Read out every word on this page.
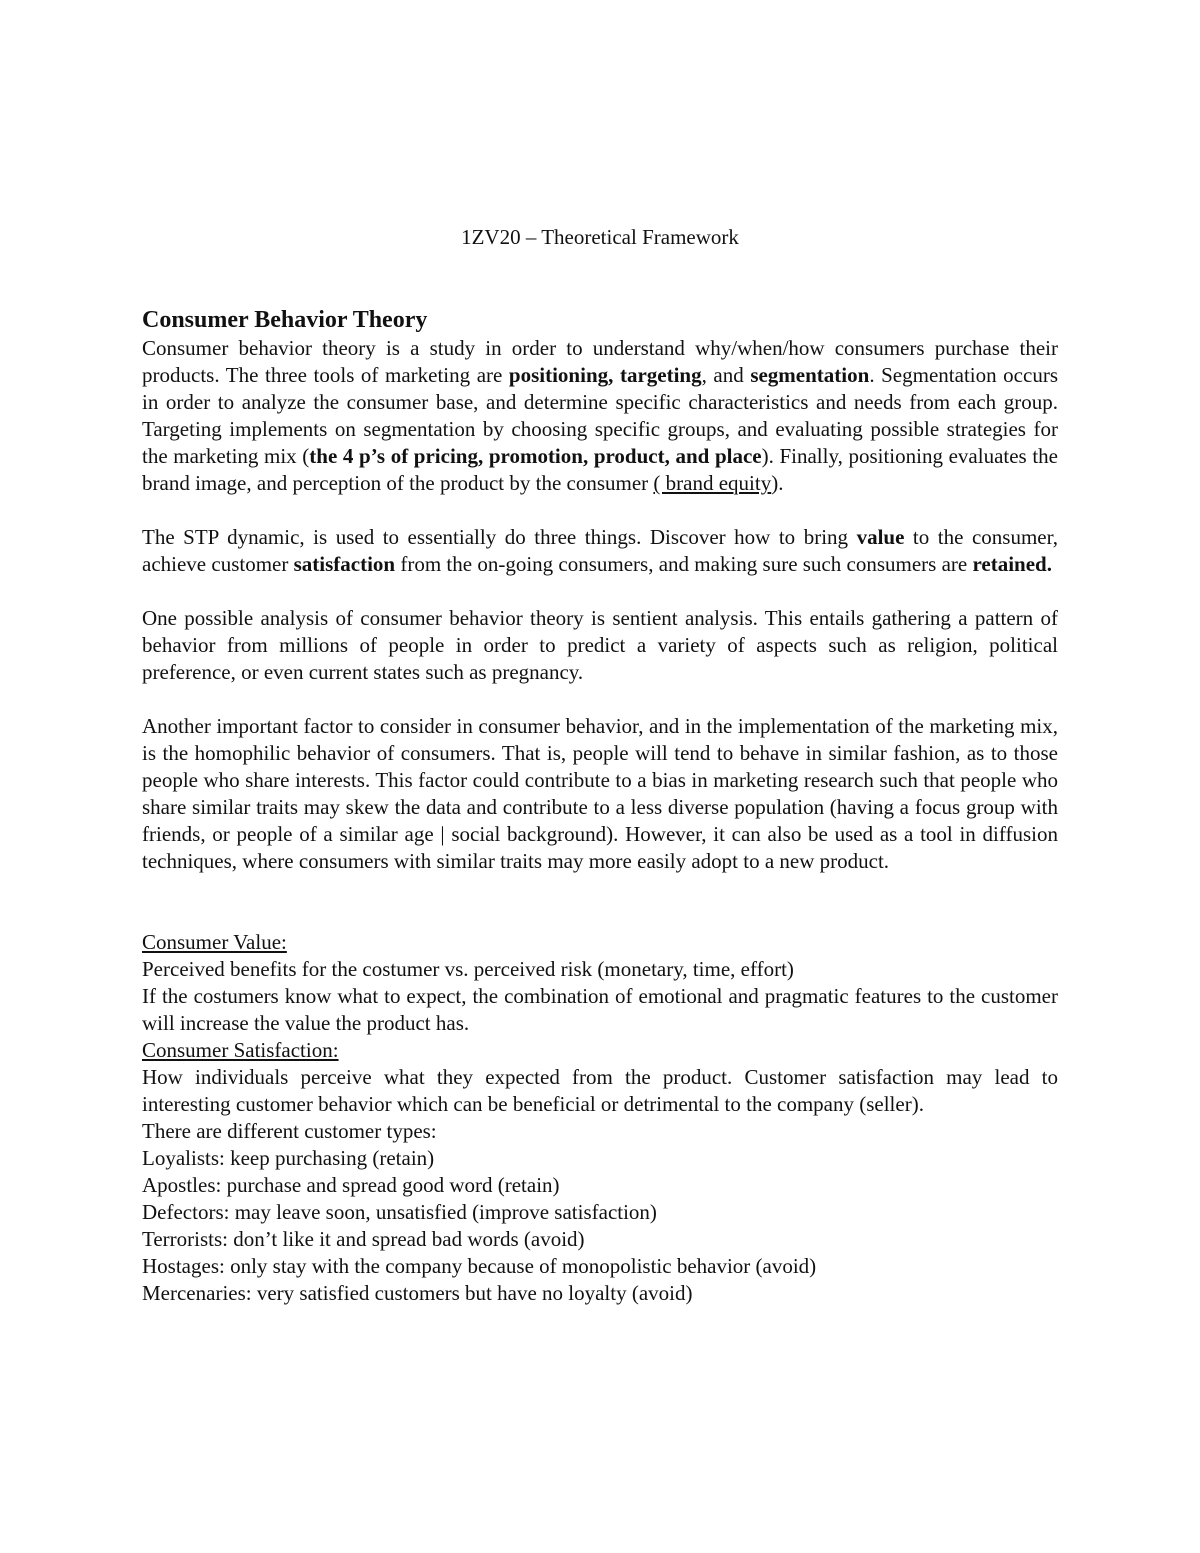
1ZV20 – Theoretical Framework

Consumer Behavior Theory

Consumer behavior theory is a study in order to understand why/when/how consumers purchase their products. The three tools of marketing are positioning, targeting, and segmentation. Segmentation occurs in order to analyze the consumer base, and determine specific characteristics and needs from each group. Targeting implements on segmentation by choosing specific groups, and evaluating possible strategies for the marketing mix (the 4 p’s of pricing, promotion, product, and place). Finally, positioning evaluates the brand image, and perception of the product by the consumer ( brand equity).

The STP dynamic, is used to essentially do three things. Discover how to bring value to the consumer, achieve customer satisfaction from the on-going consumers, and making sure such consumers are retained.

One possible analysis of consumer behavior theory is sentient analysis. This entails gathering a pattern of behavior from millions of people in order to predict a variety of aspects such as religion, political preference, or even current states such as pregnancy.

Another important factor to consider in consumer behavior, and in the implementation of the marketing mix, is the homophilic behavior of consumers. That is, people will tend to behave in similar fashion, as to those people who share interests. This factor could contribute to a bias in marketing research such that people who share similar traits may skew the data and contribute to a less diverse population (having a focus group with friends, or people of a similar age | social background). However, it can also be used as a tool in diffusion techniques, where consumers with similar traits may more easily adopt to a new product.

Consumer Value:

Perceived benefits for the costumer vs. perceived risk (monetary, time, effort)

If the costumers know what to expect, the combination of emotional and pragmatic features to the customer will increase the value the product has.

Consumer Satisfaction:

How individuals perceive what they expected from the product. Customer satisfaction may lead to interesting customer behavior which can be beneficial or detrimental to the company (seller).

There are different customer types:

Loyalists: keep purchasing (retain)

Apostles: purchase and spread good word (retain)

Defectors: may leave soon, unsatisfied (improve satisfaction)

Terrorists: don’t like it and spread bad words (avoid)

Hostages: only stay with the company because of monopolistic behavior (avoid)

Mercenaries: very satisfied customers but have no loyalty (avoid)
